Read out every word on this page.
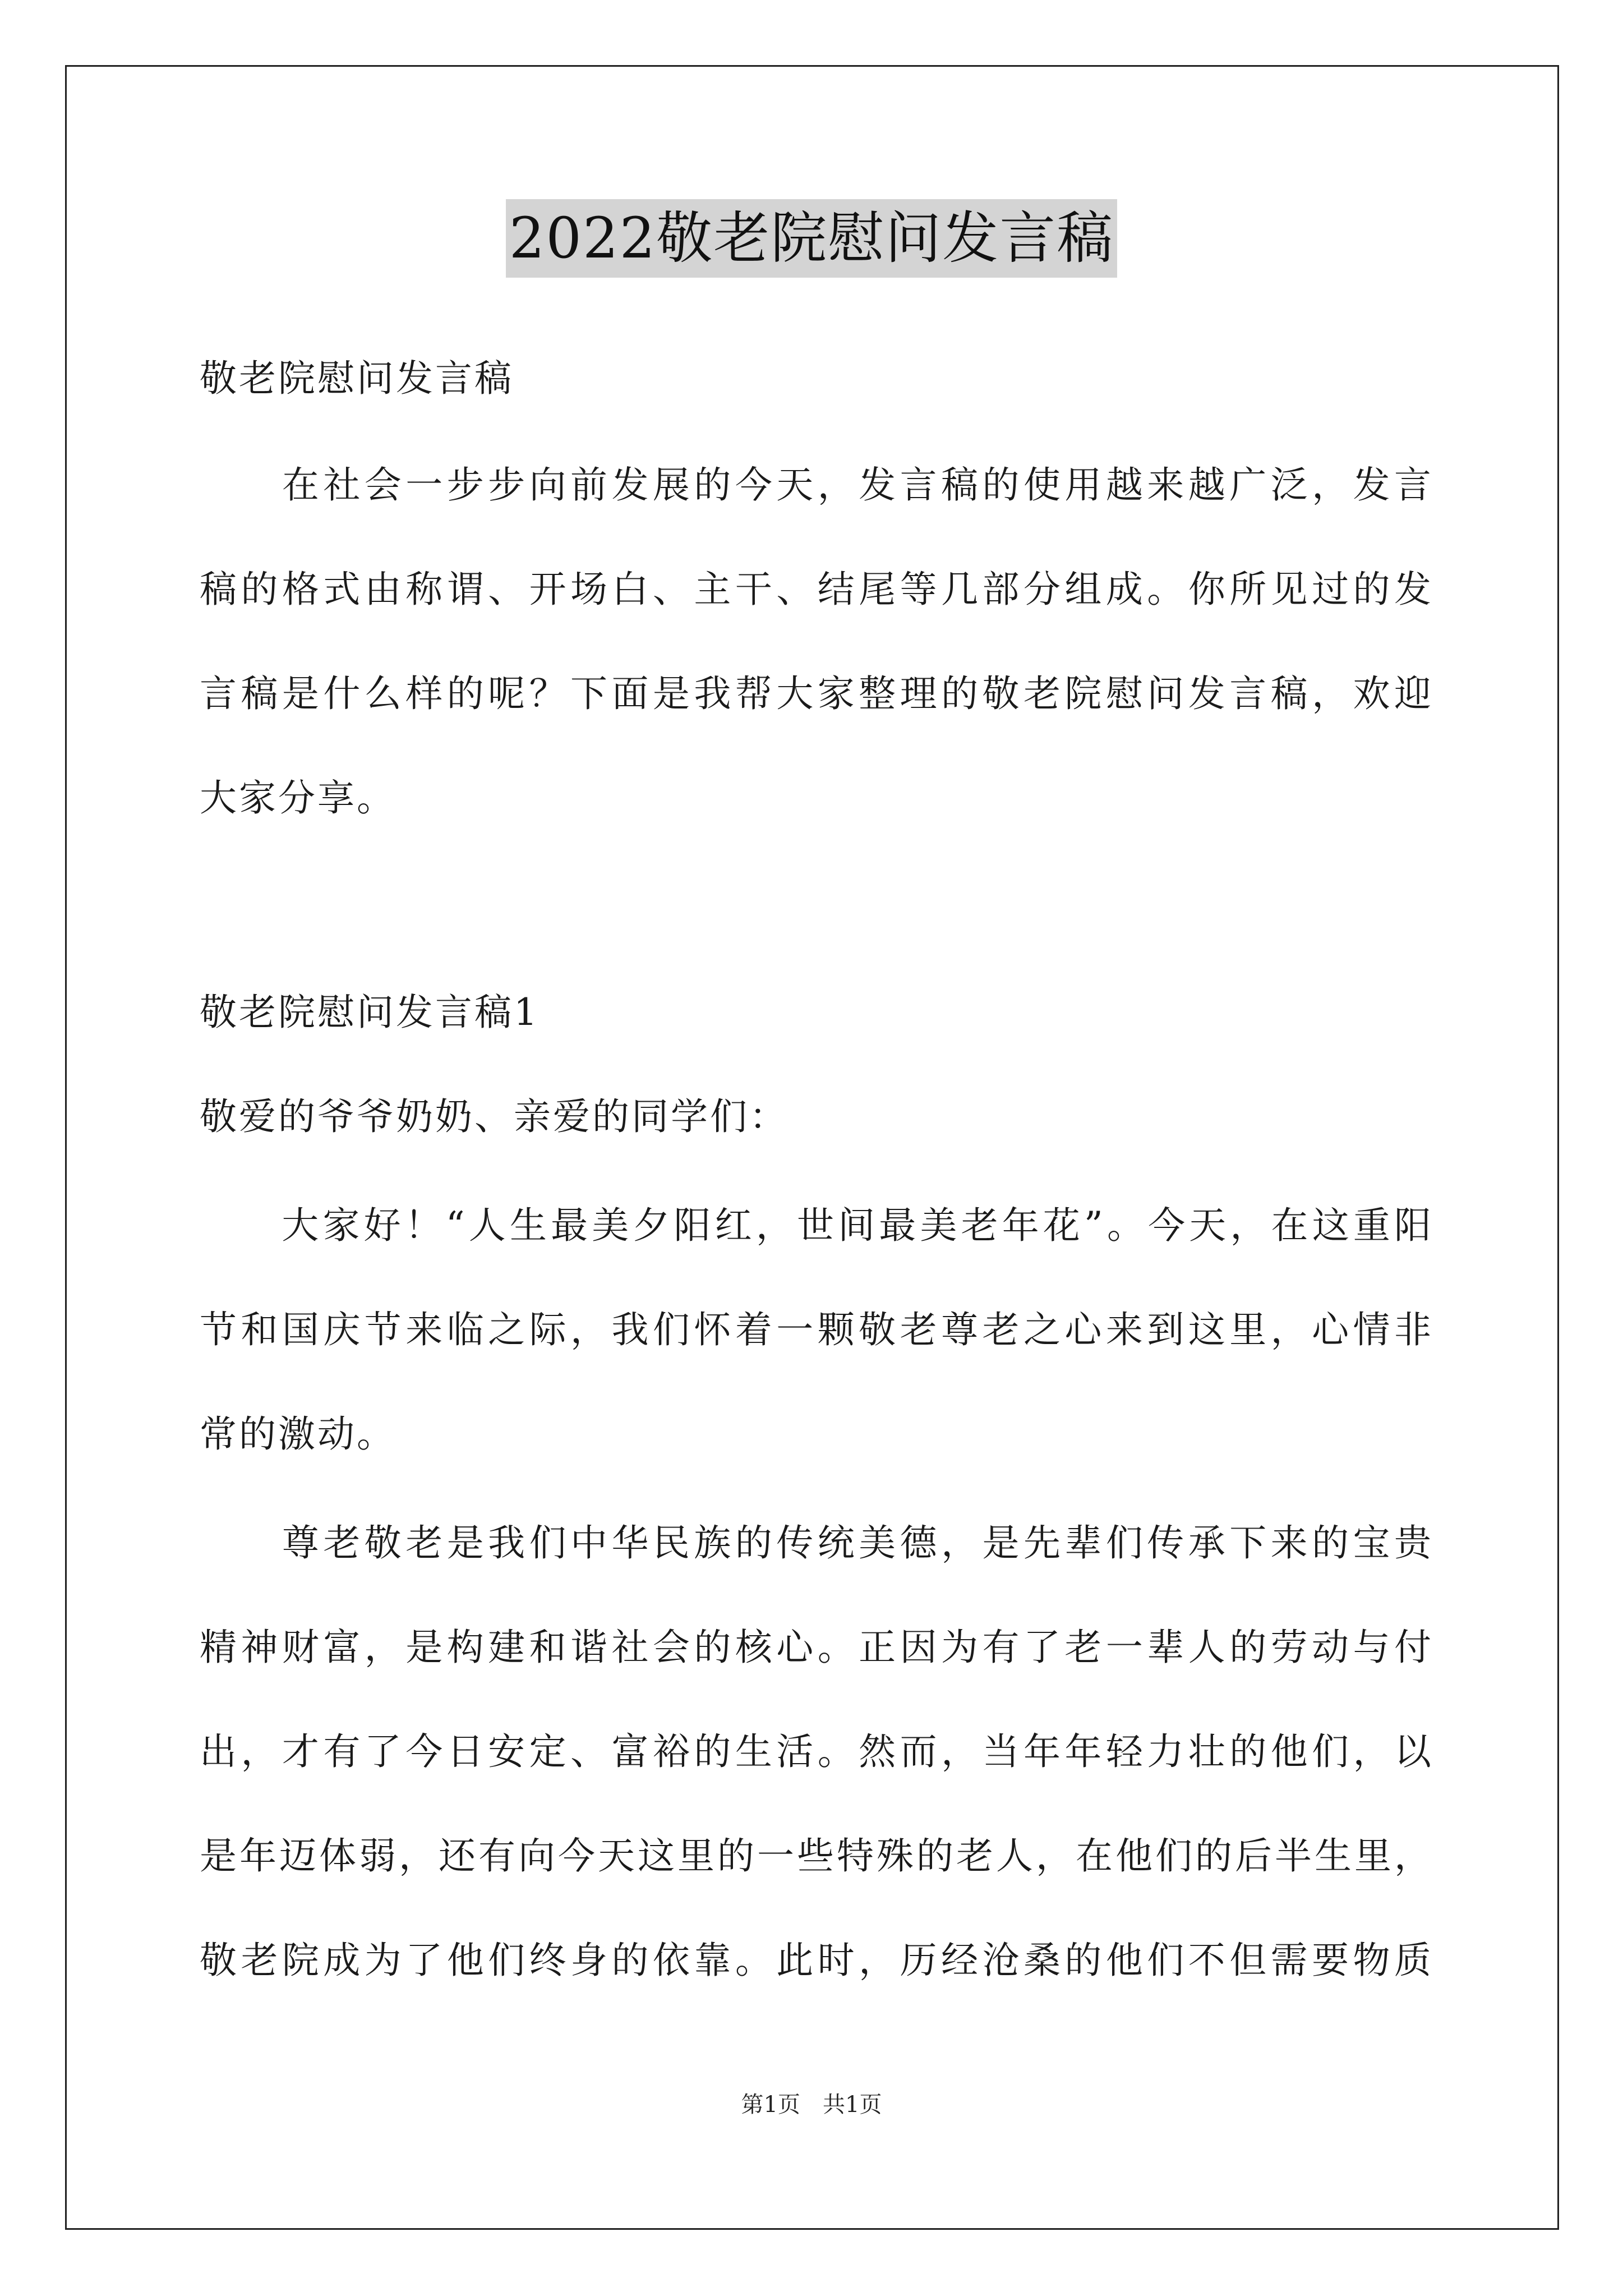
2022敬老院慰问发言稿
敬老院慰问发言稿
　　在社会一步步向前发展的今天，发言稿的使用越来越广泛，发言
稿的格式由称谓、开场白、主干、结尾等几部分组成。你所见过的发
言稿是什么样的呢？下面是我帮大家整理的敬老院慰问发言稿，欢迎
大家分享。
敬老院慰问发言稿1
敬爱的爷爷奶奶、亲爱的同学们：
　　大家好！“人生最美夕阳红，世间最美老年花”。今天，在这重阳
节和国庆节来临之际，我们怀着一颗敬老尊老之心来到这里，心情非
常的激动。
　　尊老敬老是我们中华民族的传统美德，是先辈们传承下来的宝贵
精神财富，是构建和谐社会的核心。正因为有了老一辈人的劳动与付
出，才有了今日安定、富裕的生活。然而，当年年轻力壮的他们，以
是年迈体弱，还有向今天这里的一些特殊的老人，在他们的后半生里，
敬老院成为了他们终身的依靠。此时，历经沧桑的他们不但需要物质
第1页 共1页
